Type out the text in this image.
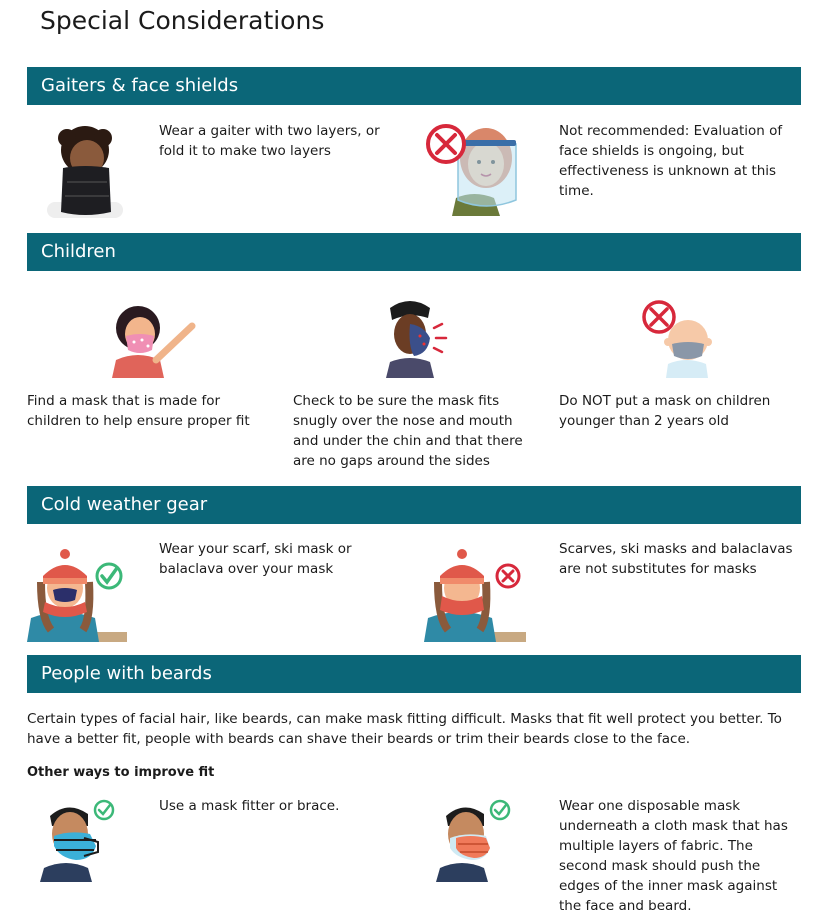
Special Considerations
Gaiters & face shields

Wear a gaiter with two layers, or fold it to make two layers

Not recommended: Evaluation of face shields is ongoing, but effectiveness is unknown at this time.

Children

Find a mask that is made for children to help ensure proper fit

Check to be sure the mask fits snugly over the nose and mouth and under the chin and that there are no gaps around the sides

Do NOT put a mask on children younger than 2 years old

Cold weather gear

Wear your scarf, ski mask or balaclava over your mask

Scarves, ski masks and balaclavas are not substitutes for masks

People with beards

Certain types of facial hair, like beards, can make mask fitting difficult. Masks that fit well protect you better. To have a better fit, people with beards can shave their beards or trim their beards close to the face.

Other ways to improve fit

Use a mask fitter or brace.	Wear one disposable mask underneath a cloth mask that has multiple layers of fabric. The second mask should push the edges of the inner mask against the face and beard.
